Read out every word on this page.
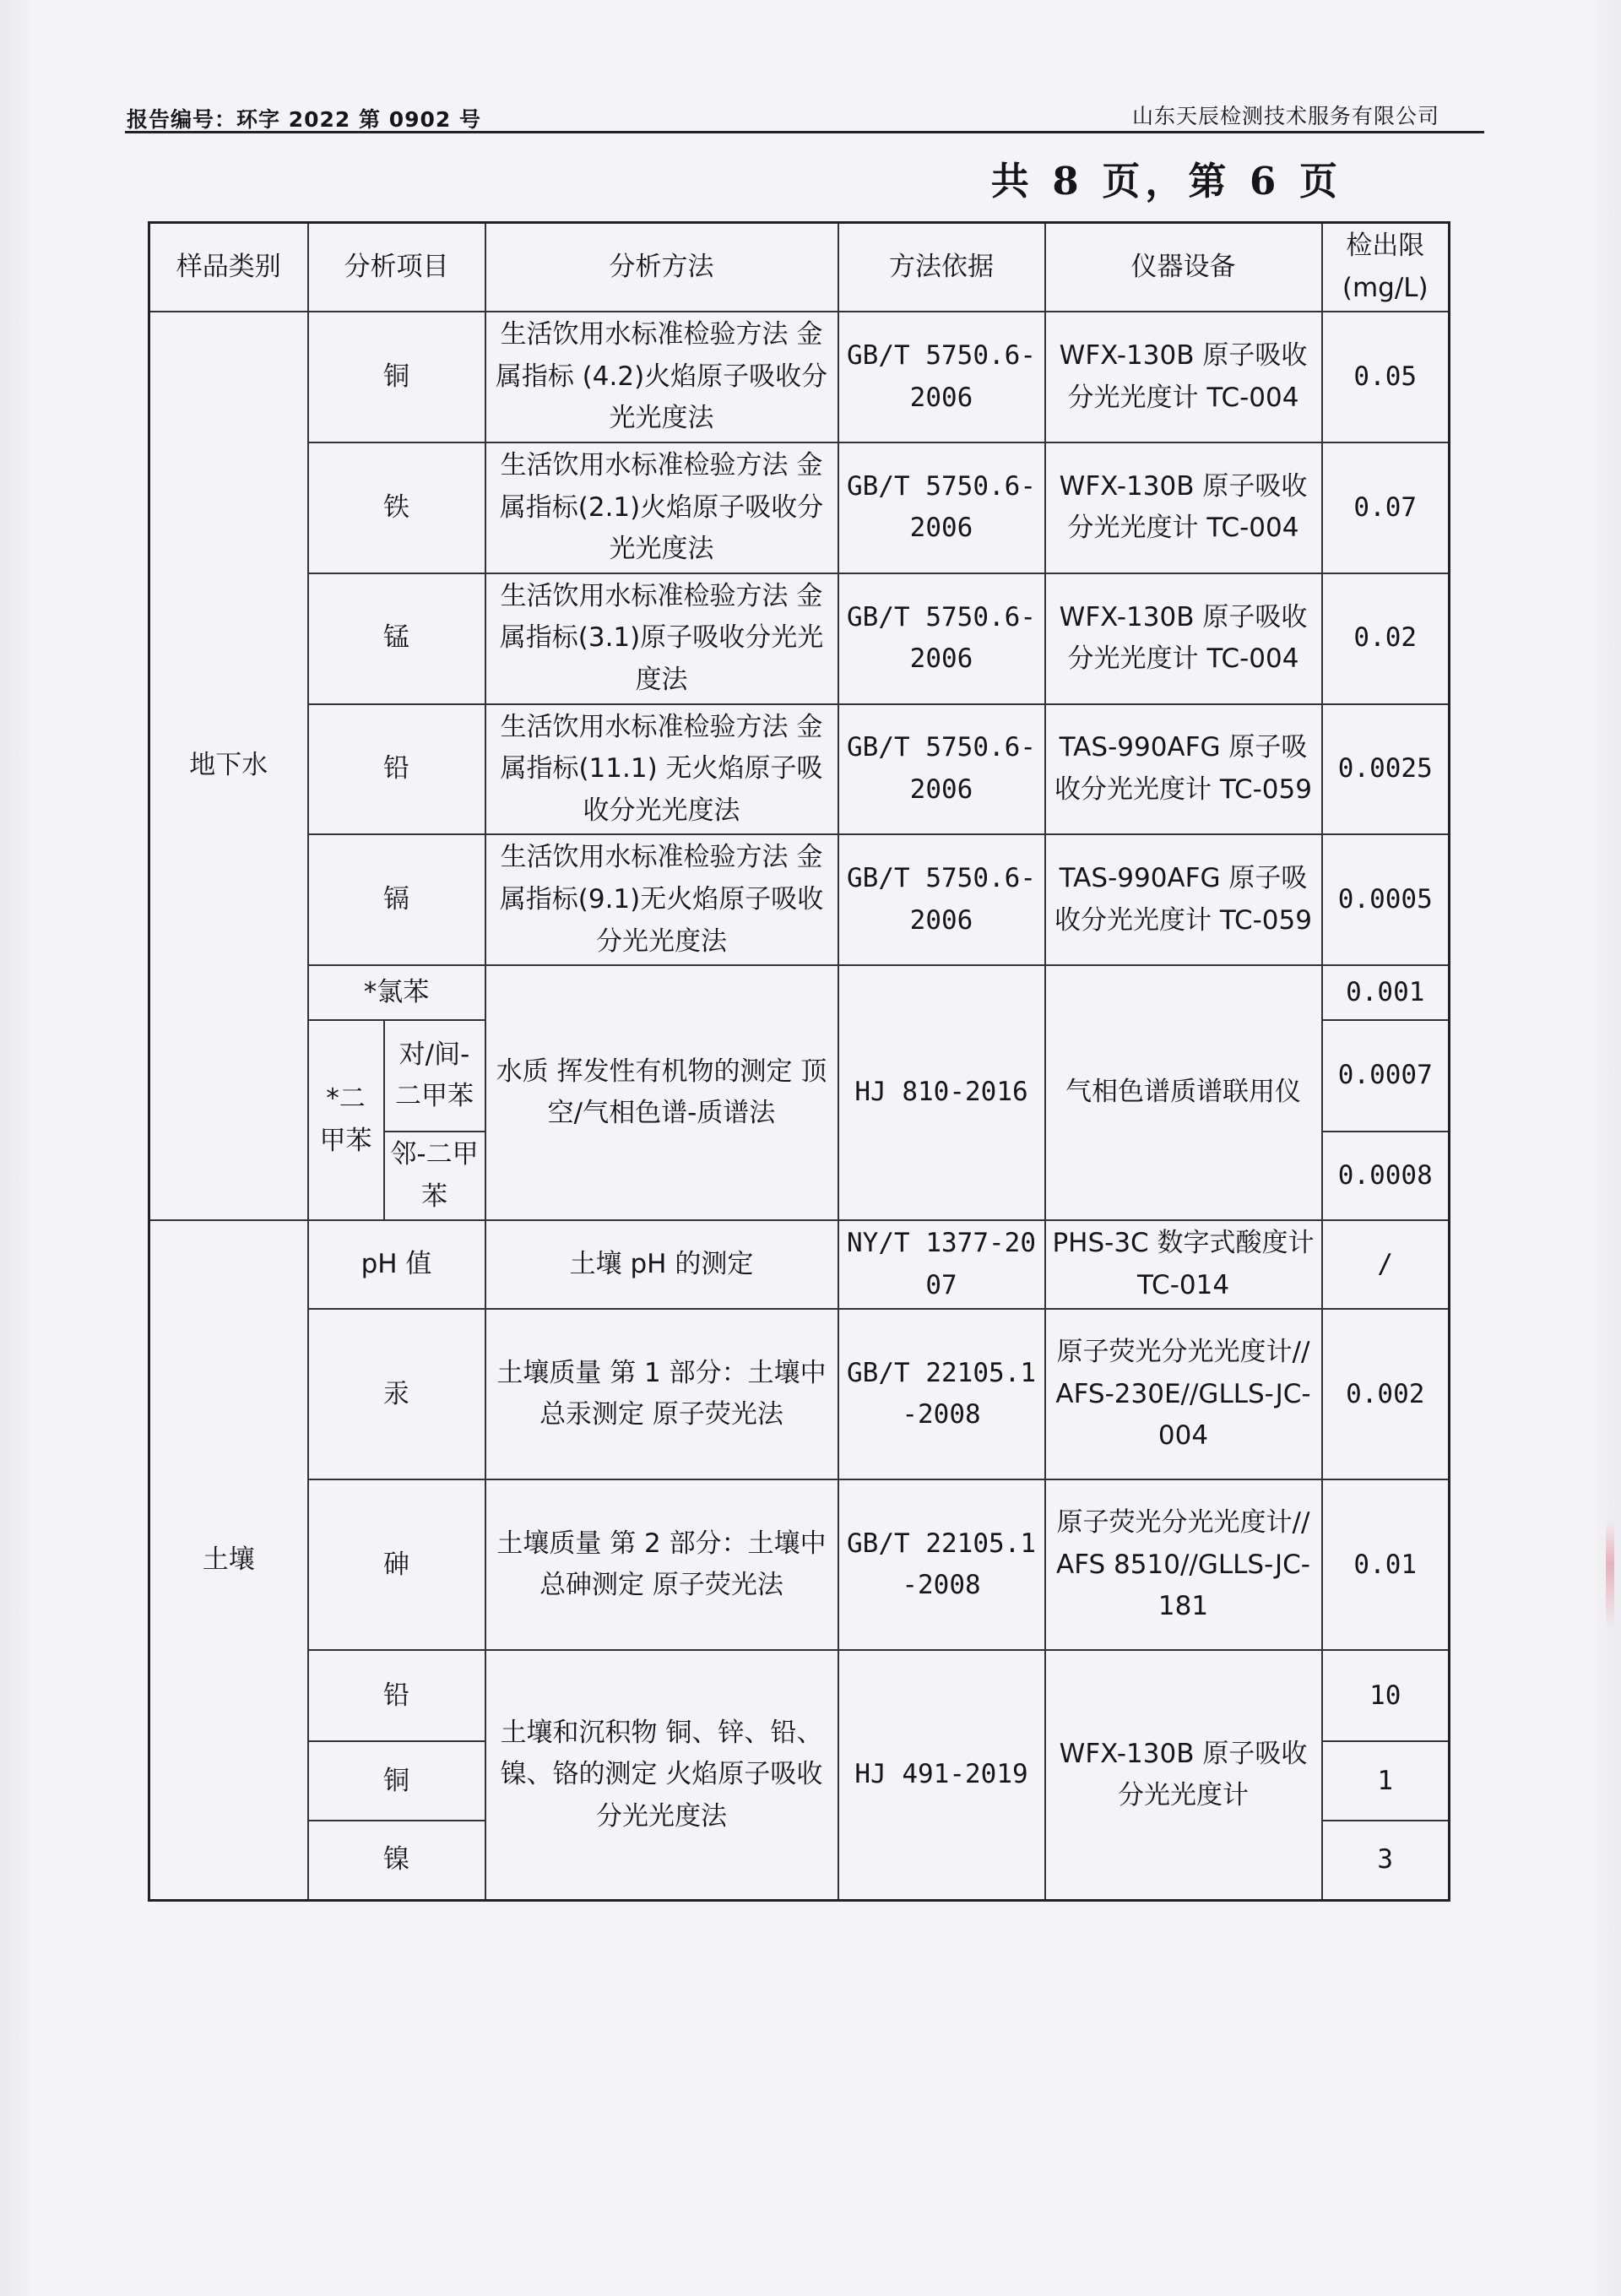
报告编号：环字 2022 第 0902 号	山东天辰检测技术服务有限公司
共 8 页，第 6 页
样品类别	分析项目		分析方法	方法依据	仪器设备	检出限 (mg/L)
地下水	铜		生活饮用水标准检验方法 金属指标 (4.2)火焰原子吸收分光光度法	GB/T 5750.6-2006	WFX-130B 原子吸收分光光度计 TC-004	0.05
	铁		生活饮用水标准检验方法 金属指标(2.1)火焰原子吸收分光光度法	GB/T 5750.6-2006	WFX-130B 原子吸收分光光度计 TC-004	0.07
	锰		生活饮用水标准检验方法 金属指标(3.1)原子吸收分光光度法	GB/T 5750.6-2006	WFX-130B 原子吸收分光光度计 TC-004	0.02
	铅		生活饮用水标准检验方法 金属指标(11.1) 无火焰原子吸收分光光度法	GB/T 5750.6-2006	TAS-990AFG 原子吸收分光光度计 TC-059	0.0025
	镉		生活饮用水标准检验方法 金属指标(9.1)无火焰原子吸收分光光度法	GB/T 5750.6-2006	TAS-990AFG 原子吸收分光光度计 TC-059	0.0005
	*氯苯		水质 挥发性有机物的测定 顶空/气相色谱-质谱法	HJ 810-2016	气相色谱质谱联用仪	0.001
	*二甲苯	对/间-二甲苯				0.0007

		邻-二甲苯				0.0008
土壤	pH 值		土壤 pH 的测定	NY/T 1377-2007	PHS-3C 数字式酸度计 TC-014	/
	汞		土壤质量 第 1 部分：土壤中总汞测定 原子荧光法	GB/T 22105.1-2008	原子荧光分光光度计//AFS-230E//GLLS-JC-004	0.002
	砷		土壤质量 第 2 部分：土壤中总砷测定 原子荧光法	GB/T 22105.1-2008	原子荧光分光光度计//AFS 8510//GLLS-JC-181	0.01
	铅		土壤和沉积物 铜、锌、铅、镍、铬的测定 火焰原子吸收分光光度法	HJ 491-2019	WFX-130B 原子吸收分光光度计	10
	铜					1
	镍					3
